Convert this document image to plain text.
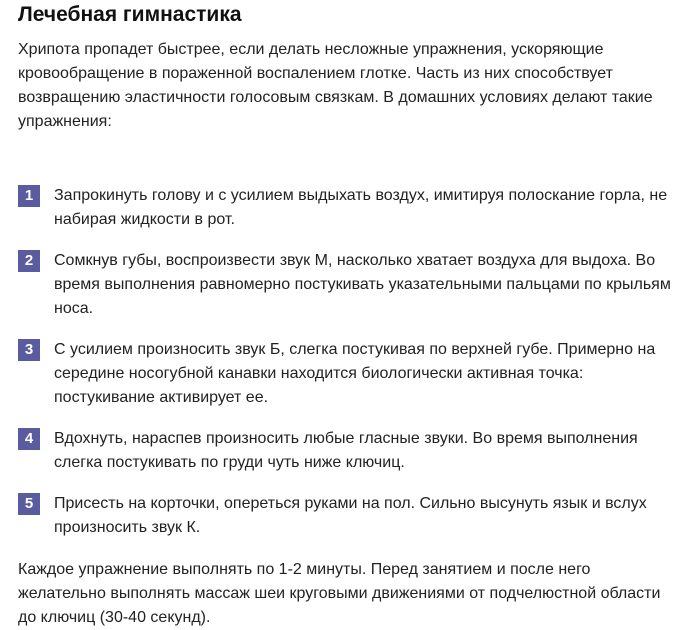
Лечебная гимнастика

Хрипота пропадет быстрее, если делать несложные упражнения, ускоряющие кровообращение в пораженной воспалением глотке. Часть из них способствует возвращению эластичности голосовым связкам. В домашних условиях делают такие упражнения:

1	Запрокинуть голову и с усилием выдыхать воздух, имитируя полоскание горла, не набирая жидкости в рот.
2	Сомкнув губы, воспроизвести звук М, насколько хватает воздуха для выдоха. Во время выполнения равномерно постукивать указательными пальцами по крыльям носа.
3	С усилием произносить звук Б, слегка постукивая по верхней губе. Примерно на середине носогубной канавки находится биологически активная точка: постукивание активирует ее.
4	Вдохнуть, нараспев произносить любые гласные звуки. Во время выполнения слегка постукивать по груди чуть ниже ключиц.
5	Присесть на корточки, опереться руками на пол. Сильно высунуть язык и вслух произносить звук К.

Каждое упражнение выполнять по 1-2 минуты. Перед занятием и после него желательно выполнять массаж шеи круговыми движениями от подчелюстной области до ключиц (30-40 секунд).
